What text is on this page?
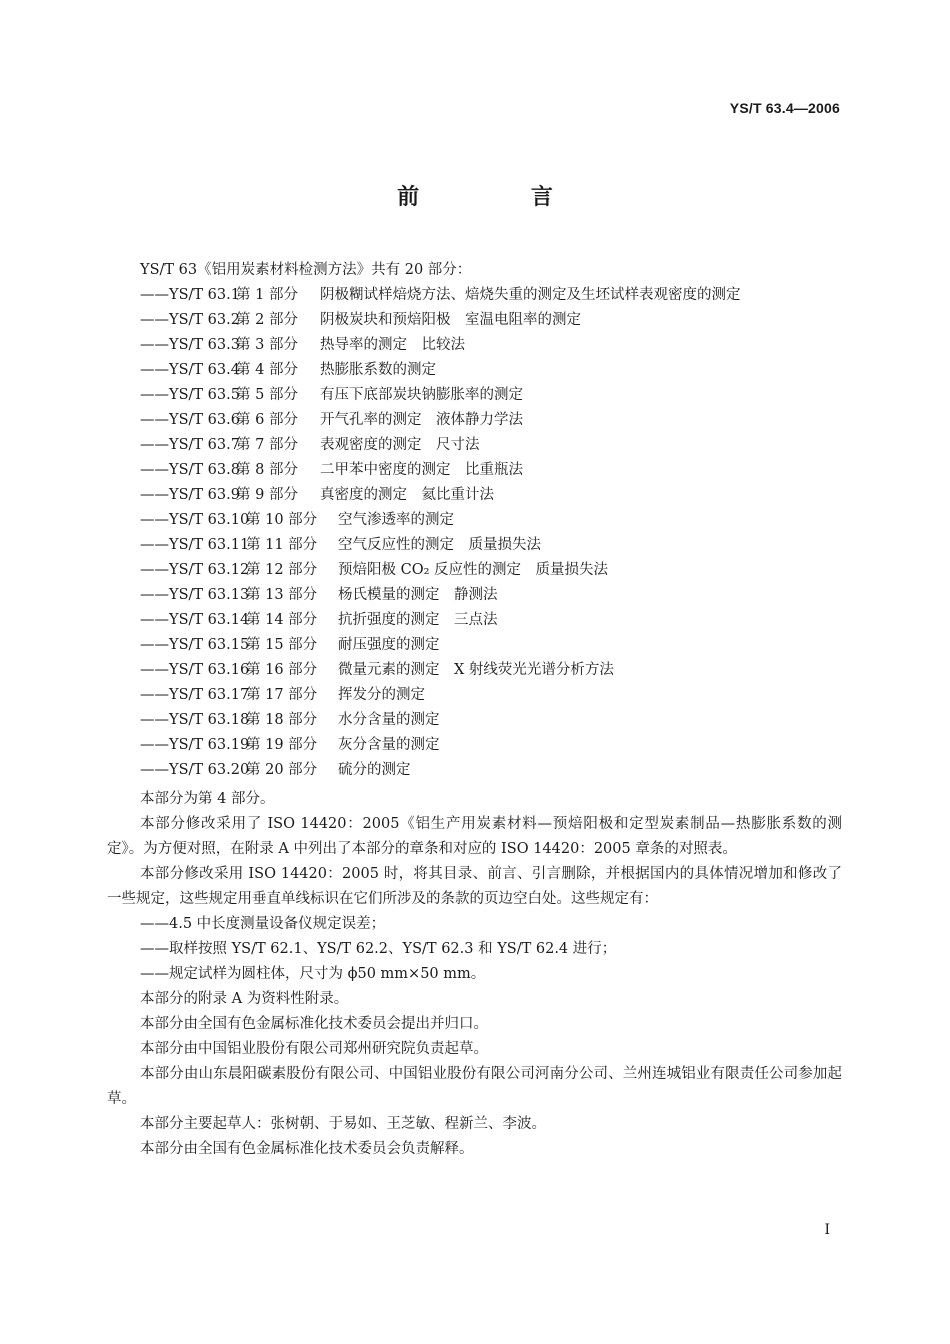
YS/T 63.4—2006
前 言
YS/T 63《铝用炭素材料检测方法》共有 20 部分：
——YS/T 63.1第 1 部分 阴极糊试样焙烧方法、焙烧失重的测定及生坯试样表观密度的测定
——YS/T 63.2第 2 部分 阴极炭块和预焙阳极　室温电阻率的测定
——YS/T 63.3第 3 部分 热导率的测定　比较法
——YS/T 63.4第 4 部分 热膨胀系数的测定
——YS/T 63.5第 5 部分 有压下底部炭块钠膨胀率的测定
——YS/T 63.6第 6 部分 开气孔率的测定　液体静力学法
——YS/T 63.7第 7 部分 表观密度的测定　尺寸法
——YS/T 63.8第 8 部分 二甲苯中密度的测定　比重瓶法
——YS/T 63.9第 9 部分 真密度的测定　氦比重计法
——YS/T 63.10第 10 部分 空气渗透率的测定
——YS/T 63.11第 11 部分 空气反应性的测定　质量损失法
——YS/T 63.12第 12 部分 预焙阳极 CO₂ 反应性的测定　质量损失法
——YS/T 63.13第 13 部分 杨氏模量的测定　静测法
——YS/T 63.14第 14 部分 抗折强度的测定　三点法
——YS/T 63.15第 15 部分 耐压强度的测定
——YS/T 63.16第 16 部分 微量元素的测定　X 射线荧光光谱分析方法
——YS/T 63.17第 17 部分 挥发分的测定
——YS/T 63.18第 18 部分 水分含量的测定
——YS/T 63.19第 19 部分 灰分含量的测定
——YS/T 63.20第 20 部分 硫分的测定

本部分为第 4 部分。

本部分修改采用了 ISO 14420：2005《铝生产用炭素材料—预焙阳极和定型炭素制品—热膨胀系数的测定》。为方便对照，在附录 A 中列出了本部分的章条和对应的 ISO 14420：2005 章条的对照表。

本部分修改采用 ISO 14420：2005 时，将其目录、前言、引言删除，并根据国内的具体情况增加和修改了一些规定，这些规定用垂直单线标识在它们所涉及的条款的页边空白处。这些规定有：

——4.5 中长度测量设备仪规定误差；

——取样按照 YS/T 62.1、YS/T 62.2、YS/T 62.3 和 YS/T 62.4 进行；

——规定试样为圆柱体，尺寸为 ϕ50 mm×50 mm。

本部分的附录 A 为资料性附录。

本部分由全国有色金属标准化技术委员会提出并归口。

本部分由中国铝业股份有限公司郑州研究院负责起草。

本部分由山东晨阳碳素股份有限公司、中国铝业股份有限公司河南分公司、兰州连城铝业有限责任公司参加起草。

本部分主要起草人：张树朝、于易如、王芝敏、程新兰、李波。

本部分由全国有色金属标准化技术委员会负责解释。

I
